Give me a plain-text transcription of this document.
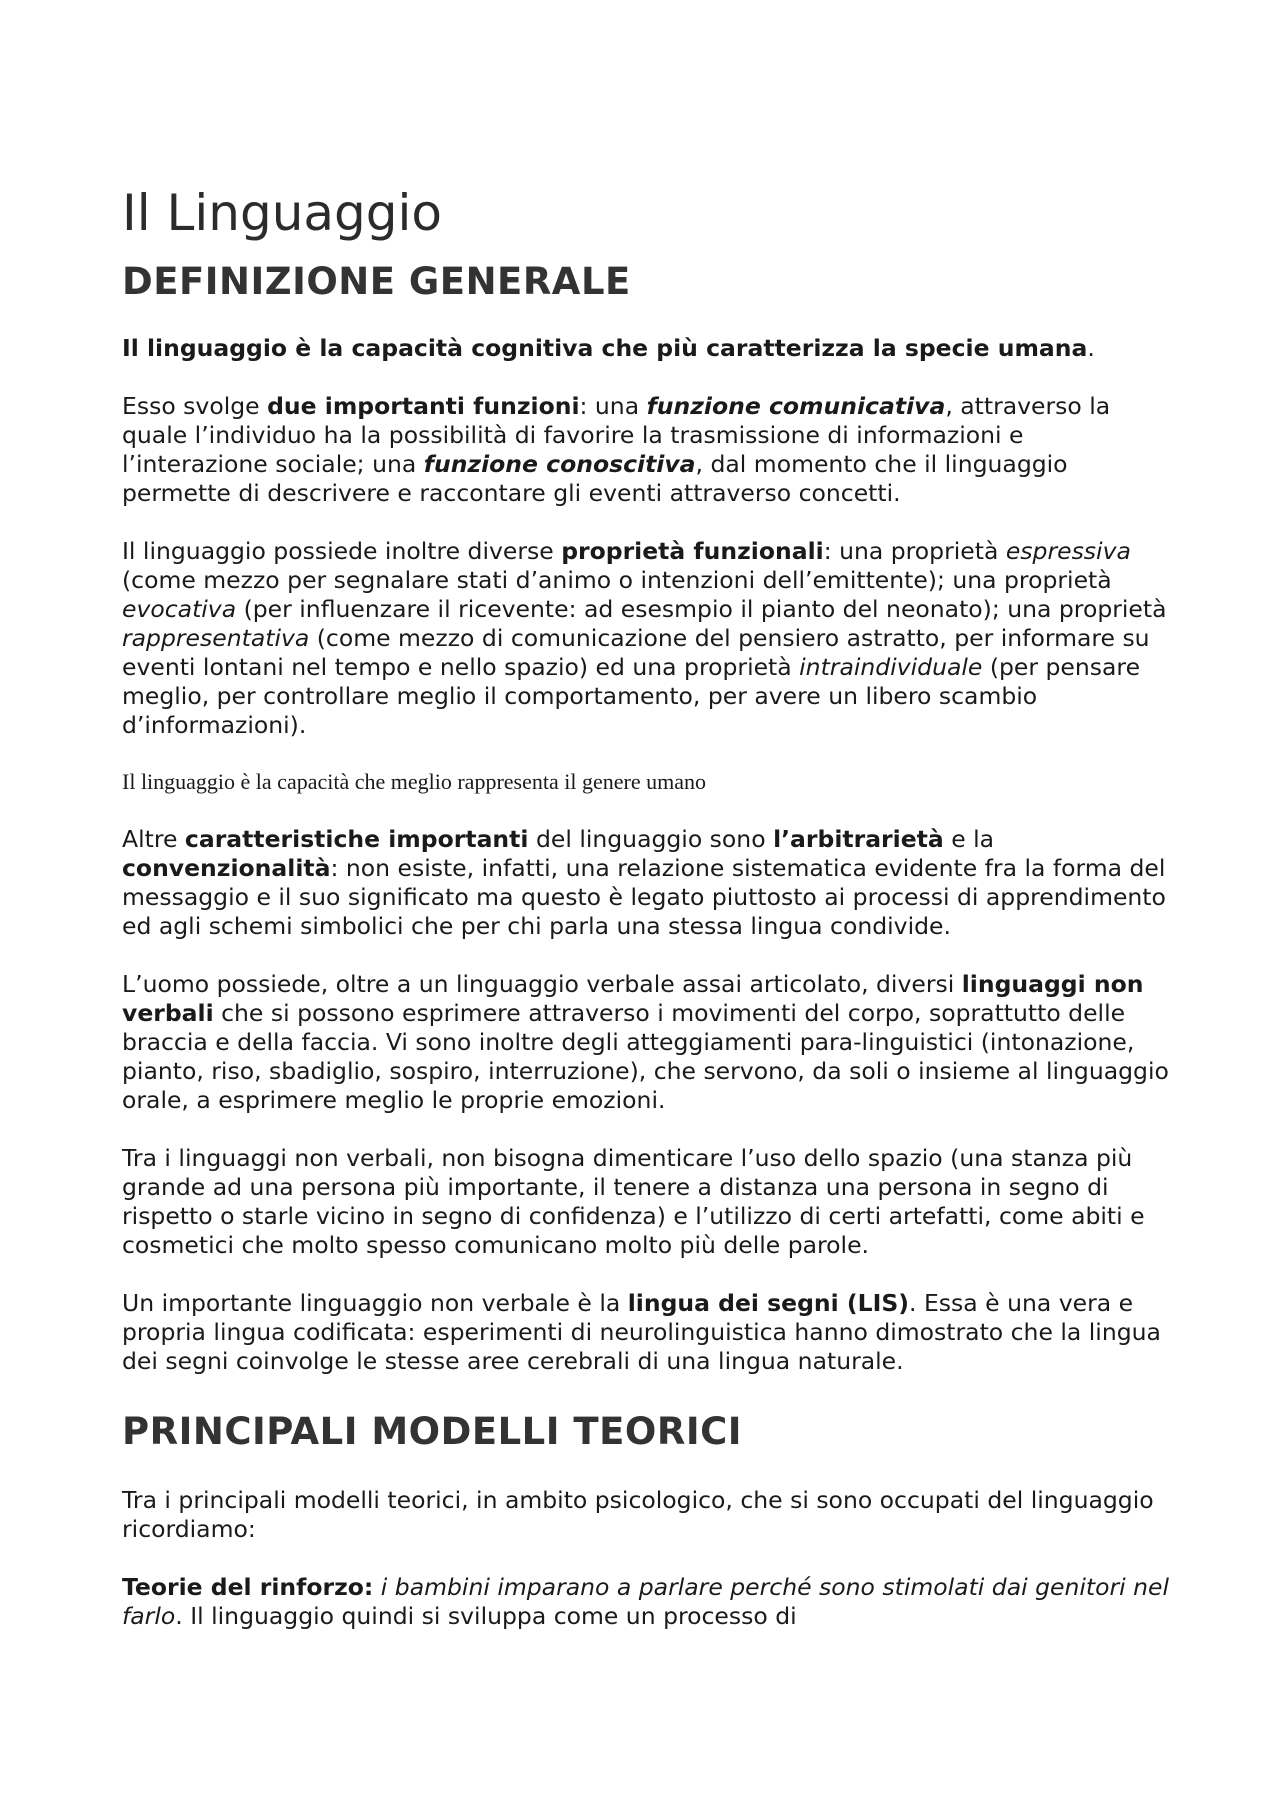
Il Linguaggio
DEFINIZIONE GENERALE

Il linguaggio è la capacità cognitiva che più caratterizza la specie umana.

Esso svolge due importanti funzioni: una funzione comunicativa, attraverso la quale l’individuo ha la possibilità di favorire la trasmissione di informazioni e l’interazione sociale; una funzione conoscitiva, dal momento che il linguaggio permette di descrivere e raccontare gli eventi attraverso concetti.

Il linguaggio possiede inoltre diverse proprietà funzionali: una proprietà espressiva (come mezzo per segnalare stati d’animo o intenzioni dell’emittente); una proprietà evocativa (per influenzare il ricevente: ad esesmpio il pianto del neonato); una proprietà rappresentativa (come mezzo di comunicazione del pensiero astratto, per informare su eventi lontani nel tempo e nello spazio) ed una proprietà intraindividuale (per pensare meglio, per controllare meglio il comportamento, per avere un libero scambio d’informazioni).

Il linguaggio è la capacità che meglio rappresenta il genere umano

Altre caratteristiche importanti del linguaggio sono l’arbitrarietà e la convenzionalità: non esiste, infatti, una relazione sistematica evidente fra la forma del messaggio e il suo significato ma questo è legato piuttosto ai processi di apprendimento ed agli schemi simbolici che per chi parla una stessa lingua condivide.

L’uomo possiede, oltre a un linguaggio verbale assai articolato, diversi linguaggi non verbali che si possono esprimere attraverso i movimenti del corpo, soprattutto delle braccia e della faccia. Vi sono inoltre degli atteggiamenti para-linguistici (intonazione, pianto, riso, sbadiglio, sospiro, interruzione), che servono, da soli o insieme al linguaggio orale, a esprimere meglio le proprie emozioni.

Tra i linguaggi non verbali, non bisogna dimenticare l’uso dello spazio (una stanza più grande ad una persona più importante, il tenere a distanza una persona in segno di rispetto o starle vicino in segno di confidenza) e l’utilizzo di certi artefatti, come abiti e cosmetici che molto spesso comunicano molto più delle parole.

Un importante linguaggio non verbale è la lingua dei segni (LIS). Essa è una vera e propria lingua codificata: esperimenti di neurolinguistica hanno dimostrato che la lingua dei segni coinvolge le stesse aree cerebrali di una lingua naturale.

PRINCIPALI MODELLI TEORICI

Tra i principali modelli teorici, in ambito psicologico, che si sono occupati del linguaggio ricordiamo:

Teorie del rinforzo: i bambini imparano a parlare perché sono stimolati dai genitori nel farlo. Il linguaggio quindi si sviluppa come un processo di
